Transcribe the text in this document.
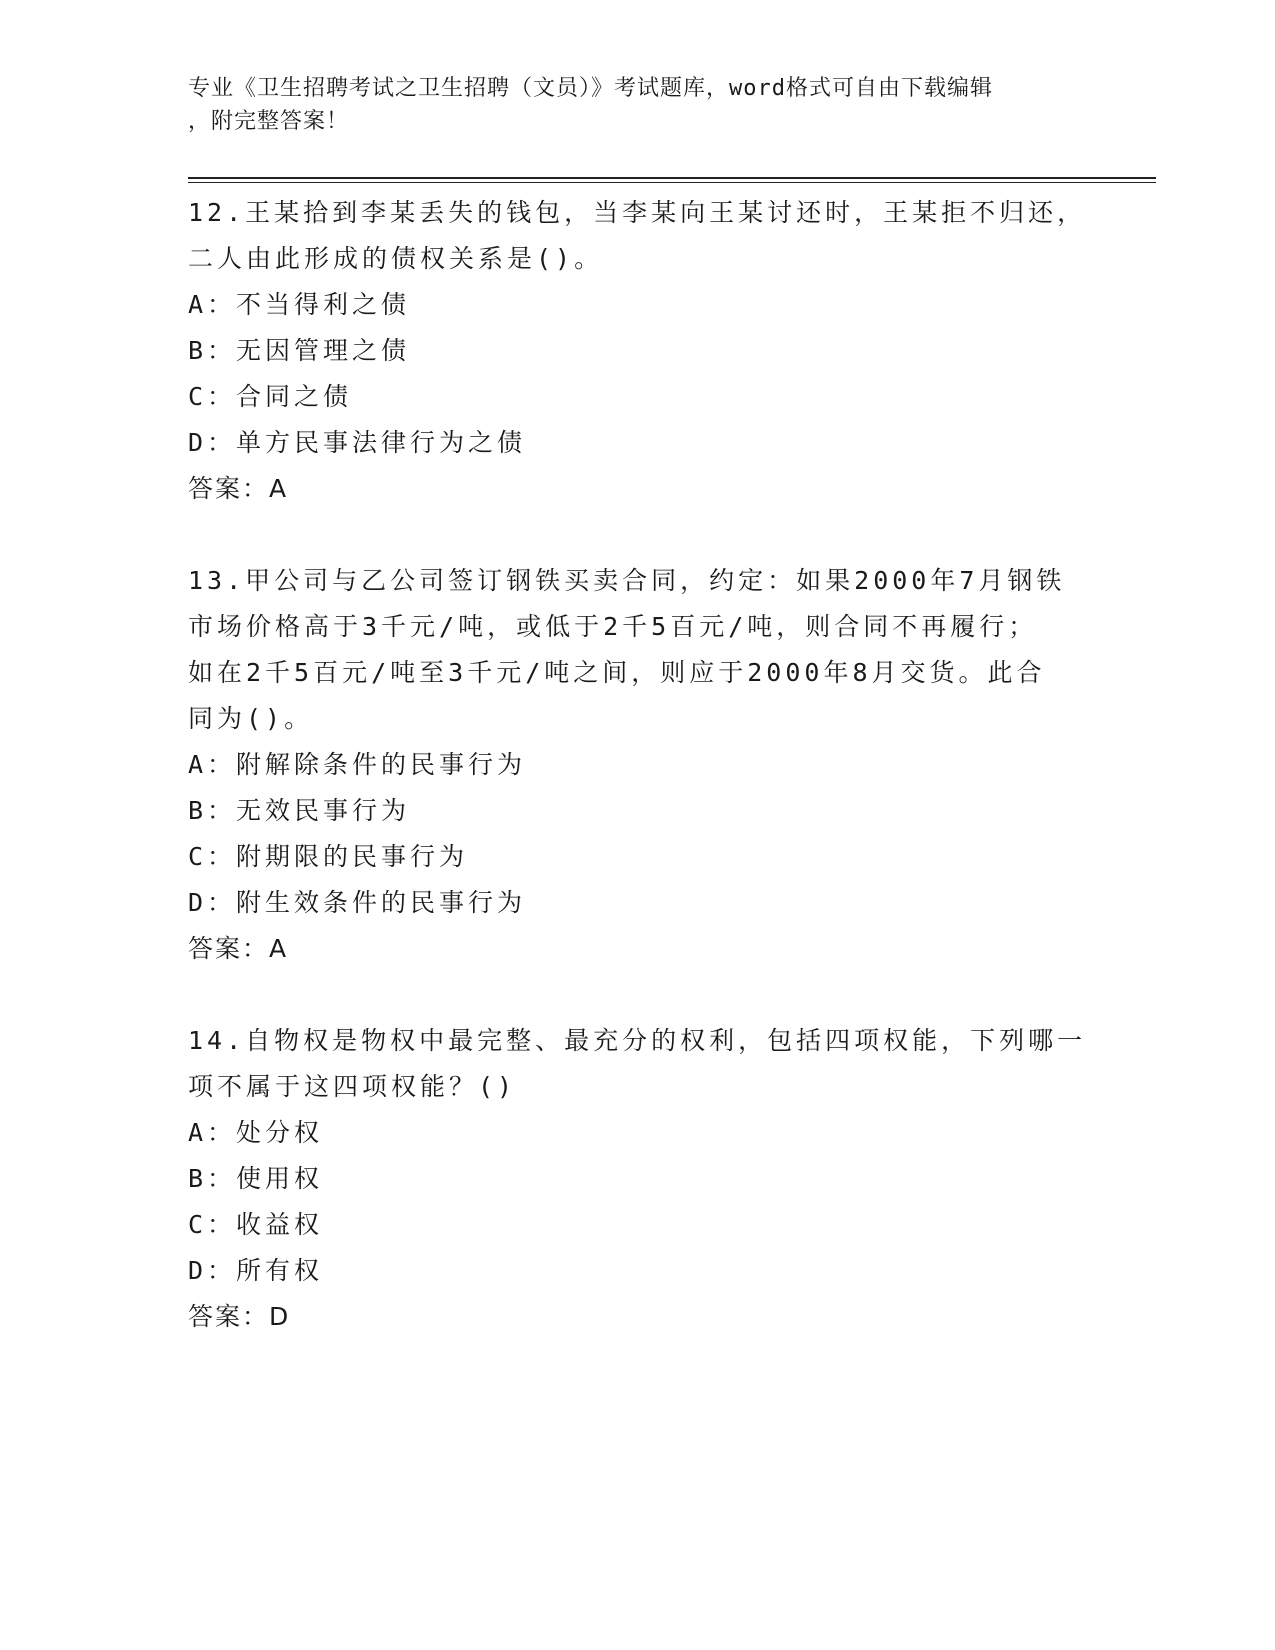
专业《卫生招聘考试之卫生招聘（文员）》考试题库，word格式可自由下载编辑
，附完整答案！
12.王某拾到李某丢失的钱包，当李某向王某讨还时，王某拒不归还，
二人由此形成的债权关系是()。
A：不当得利之债
B：无因管理之债
C：合同之债
D：单方民事法律行为之债
答案：A
13.甲公司与乙公司签订钢铁买卖合同，约定：如果2000年7月钢铁
市场价格高于3千元/吨，或低于2千5百元/吨，则合同不再履行；
如在2千5百元/吨至3千元/吨之间，则应于2000年8月交货。此合
同为()。
A：附解除条件的民事行为
B：无效民事行为
C：附期限的民事行为
D：附生效条件的民事行为
答案：A
14.自物权是物权中最完整、最充分的权利，包括四项权能，下列哪一
项不属于这四项权能？()
A：处分权
B：使用权
C：收益权
D：所有权
答案：D
